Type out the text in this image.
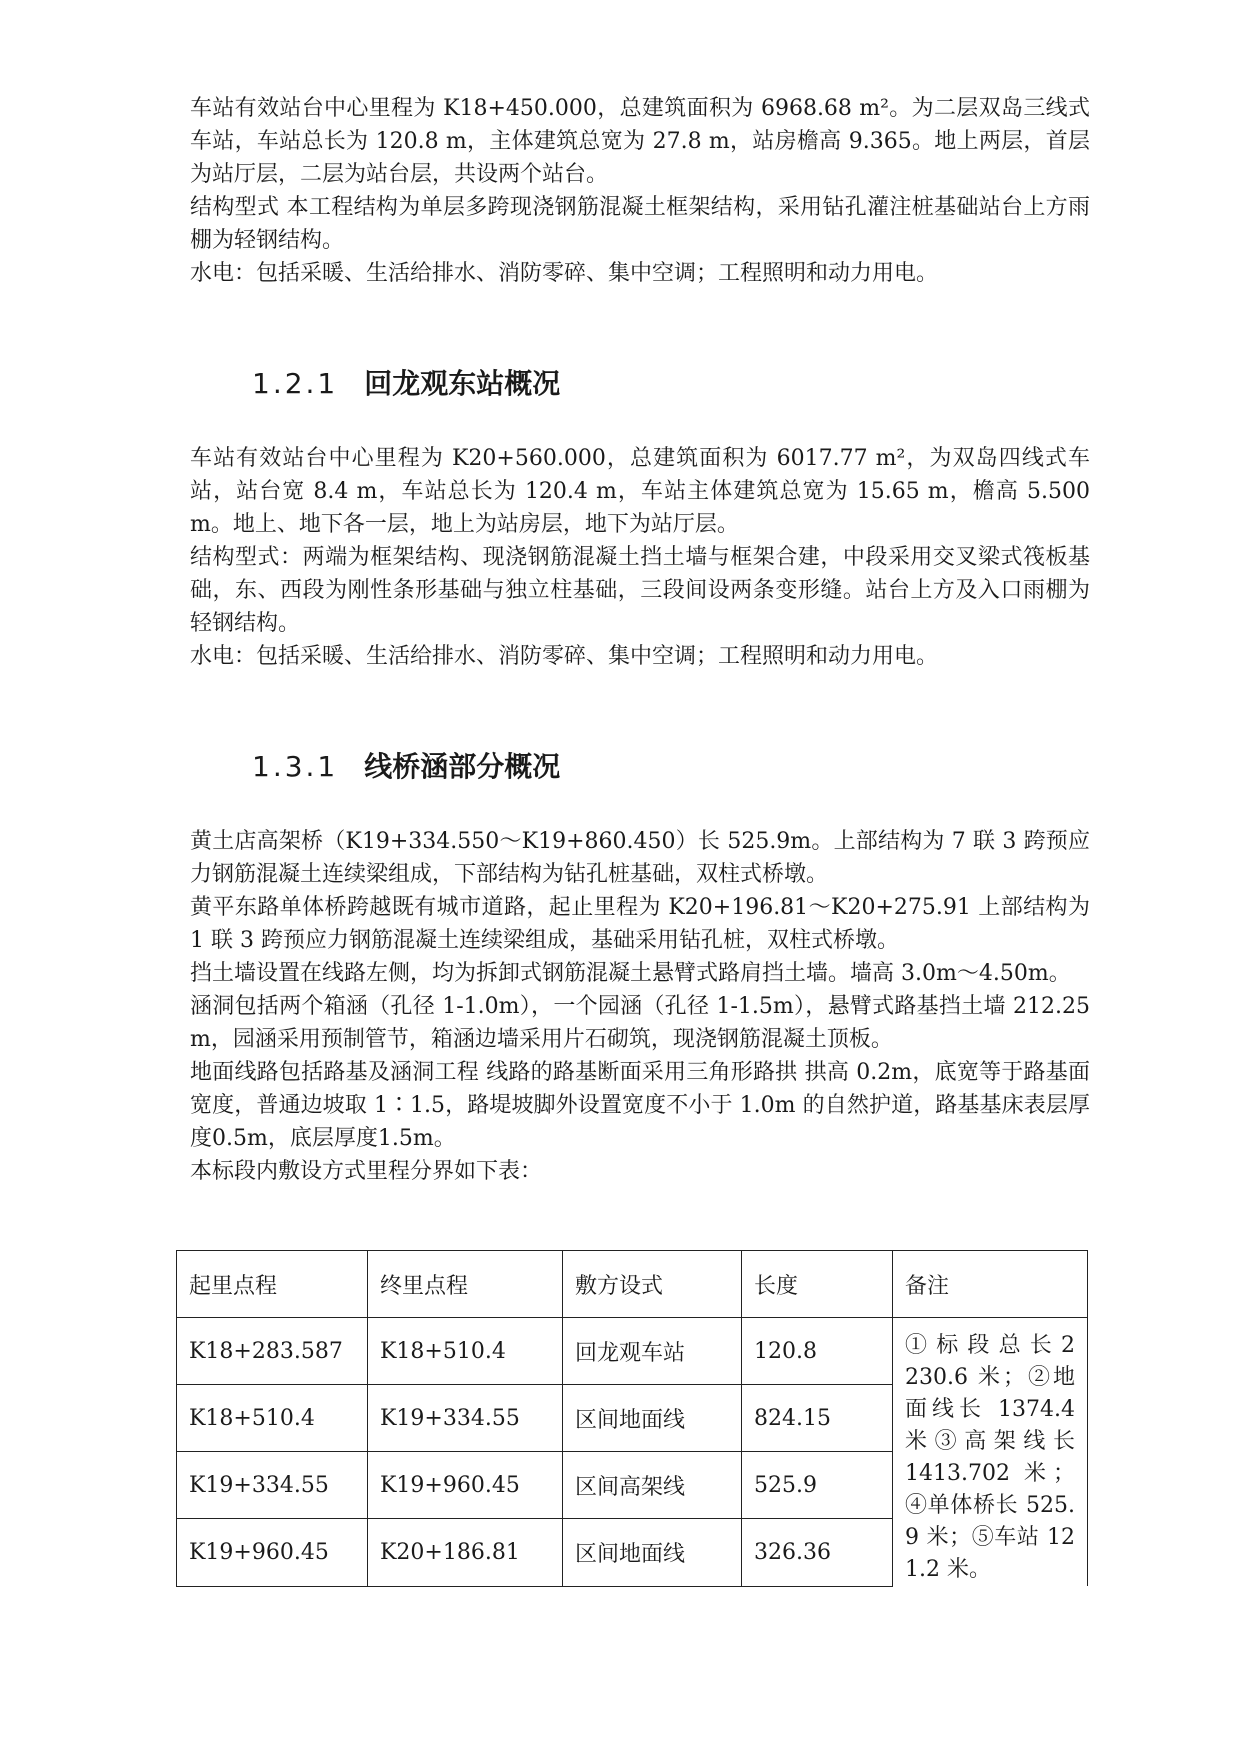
车站有效站台中心里程为 K18+450.000，总建筑面积为 6968.68 m²。为二层双岛三线式车站，车站总长为 120.8 m，主体建筑总宽为 27.8 m，站房檐高 9.365。地上两层，首层为站厅层，二层为站台层，共设两个站台。

结构型式 本工程结构为单层多跨现浇钢筋混凝土框架结构，采用钻孔灌注桩基础站台上方雨棚为轻钢结构。

水电：包括采暖、生活给排水、消防零碎、集中空调；工程照明和动力用电。

1.2.1 回龙观东站概况

车站有效站台中心里程为 K20+560.000，总建筑面积为 6017.77 m²，为双岛四线式车站，站台宽 8.4 m，车站总长为 120.4 m，车站主体建筑总宽为 15.65 m，檐高 5.500 m。地上、地下各一层，地上为站房层，地下为站厅层。

结构型式：两端为框架结构、现浇钢筋混凝土挡土墙与框架合建，中段采用交叉梁式筏板基础，东、西段为刚性条形基础与独立柱基础，三段间设两条变形缝。站台上方及入口雨棚为轻钢结构。

水电：包括采暖、生活给排水、消防零碎、集中空调；工程照明和动力用电。

1.3.1 线桥涵部分概况

黄土店高架桥（K19+334.550～K19+860.450）长 525.9m。上部结构为 7 联 3 跨预应力钢筋混凝土连续梁组成，下部结构为钻孔桩基础，双柱式桥墩。

黄平东路单体桥跨越既有城市道路，起止里程为 K20+196.81～K20+275.91 上部结构为 1 联 3 跨预应力钢筋混凝土连续梁组成，基础采用钻孔桩，双柱式桥墩。

挡土墙设置在线路左侧，均为拆卸式钢筋混凝土悬臂式路肩挡土墙。墙高 3.0m～4.50m。

涵洞包括两个箱涵（孔径 1-1.0m），一个园涵（孔径 1-1.5m），悬臂式路基挡土墙 212.25m，园涵采用预制管节，箱涵边墙采用片石砌筑，现浇钢筋混凝土顶板。

地面线路包括路基及涵洞工程 线路的路基断面采用三角形路拱 拱高 0.2m，底宽等于路基面宽度，普通边坡取 1∶1.5，路堤坡脚外设置宽度不小于 1.0m 的自然护道，路基基床表层厚度0.5m，底层厚度1.5m。

本标段内敷设方式里程分界如下表：

起里点程	终里点程	敷方设式	长度	备注
K18+283.587	K18+510.4	回龙观车站	120.8	① 标 段 总 长 2230.6 米；②地面线长 1374.4 米 ③ 高 架 线 长 1413.702 米；④单体桥长 525.9 米；⑤车站 121.2 米。
K18+510.4	K19+334.55	区间地面线	824.15	
K19+334.55	K19+960.45	区间高架线	525.9	
K19+960.45	K20+186.81	区间地面线	326.36	
